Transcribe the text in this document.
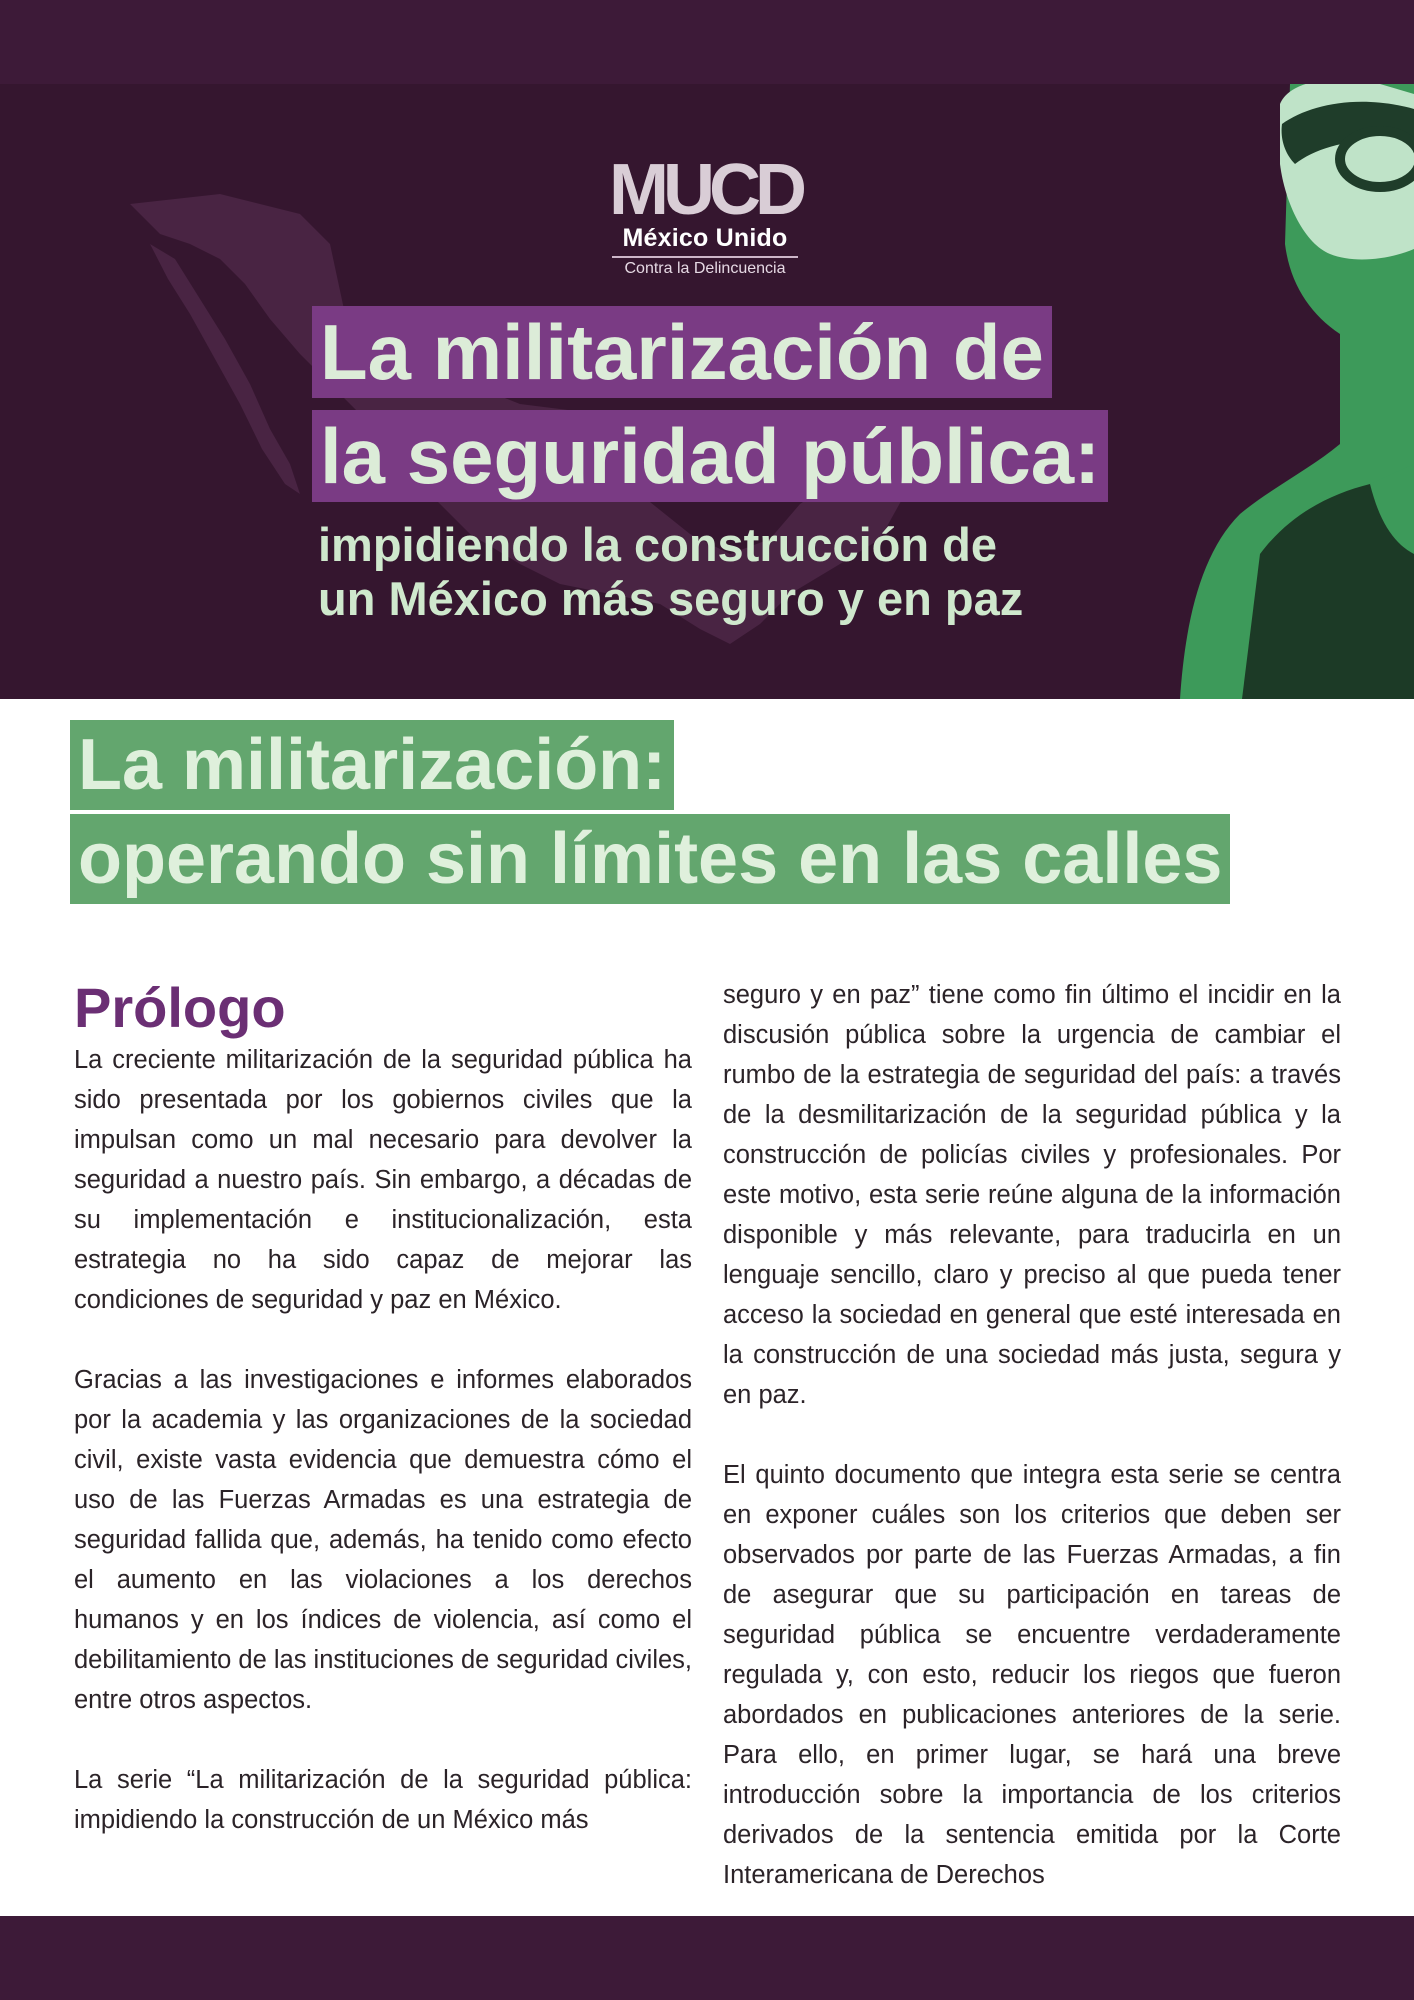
MUCD
México Unido
Contra la Delincuencia
La militarización de
la seguridad pública:
impidiendo la construcción de
un México más seguro y en paz
La militarización:
operando sin límites en las calles
Prólogo

La creciente militarización de la seguridad pública ha sido presentada por los gobiernos civiles que la impulsan como un mal necesario para devolver la seguridad a nuestro país. Sin embargo, a décadas de su implementación e institucionalización, esta estrategia no ha sido capaz de mejorar las condiciones de seguridad y paz en México.

Gracias a las investigaciones e informes elaborados por la academia y las organizaciones de la sociedad civil, existe vasta evidencia que demuestra cómo el uso de las Fuerzas Armadas es una estrategia de seguridad fallida que, además, ha tenido como efecto el aumento en las violaciones a los derechos humanos y en los índices de violencia, así como el debilitamiento de las instituciones de seguridad civiles, entre otros aspectos.

La serie “La militarización de la seguridad pública: impidiendo la construcción de un México más

seguro y en paz” tiene como fin último el incidir en la discusión pública sobre la urgencia de cambiar el rumbo de la estrategia de seguridad del país: a través de la desmilitarización de la seguridad pública y la construcción de policías civiles y profesionales. Por este motivo, esta serie reúne alguna de la información disponible y más relevante, para traducirla en un lenguaje sencillo, claro y preciso al que pueda tener acceso la sociedad en general que esté interesada en la construcción de una sociedad más justa, segura y en paz.

El quinto documento que integra esta serie se centra en exponer cuáles son los criterios que deben ser observados por parte de las Fuerzas Armadas, a fin de asegurar que su participación en tareas de seguridad pública se encuentre verdaderamente regulada y, con esto, reducir los riegos que fueron abordados en publicaciones anteriores de la serie. Para ello, en primer lugar, se hará una breve introducción sobre la importancia de los criterios derivados de la sentencia emitida por la Corte Interamericana de Derechos
